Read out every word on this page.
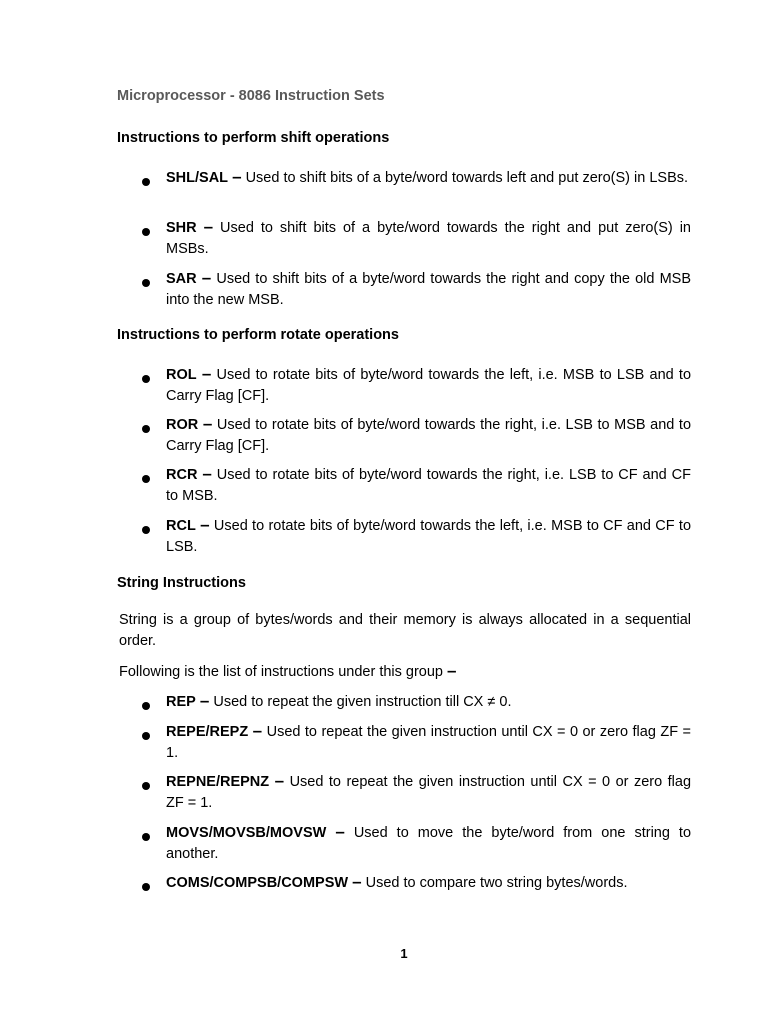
Microprocessor - 8086 Instruction Sets
Instructions to perform shift operations
SHL/SAL – Used to shift bits of a byte/word towards left and put zero(S) in LSBs.
SHR – Used to shift bits of a byte/word towards the right and put zero(S) in MSBs.
SAR – Used to shift bits of a byte/word towards the right and copy the old MSB into the new MSB.
Instructions to perform rotate operations
ROL – Used to rotate bits of byte/word towards the left, i.e. MSB to LSB and to Carry Flag [CF].
ROR – Used to rotate bits of byte/word towards the right, i.e. LSB to MSB and to Carry Flag [CF].
RCR – Used to rotate bits of byte/word towards the right, i.e. LSB to CF and CF to MSB.
RCL – Used to rotate bits of byte/word towards the left, i.e. MSB to CF and CF to LSB.
String Instructions
String is a group of bytes/words and their memory is always allocated in a sequential order.
Following is the list of instructions under this group –
REP – Used to repeat the given instruction till CX ≠ 0.
REPE/REPZ – Used to repeat the given instruction until CX = 0 or zero flag ZF = 1.
REPNE/REPNZ – Used to repeat the given instruction until CX = 0 or zero flag ZF = 1.
MOVS/MOVSB/MOVSW – Used to move the byte/word from one string to another.
COMS/COMPSB/COMPSW – Used to compare two string bytes/words.
1
